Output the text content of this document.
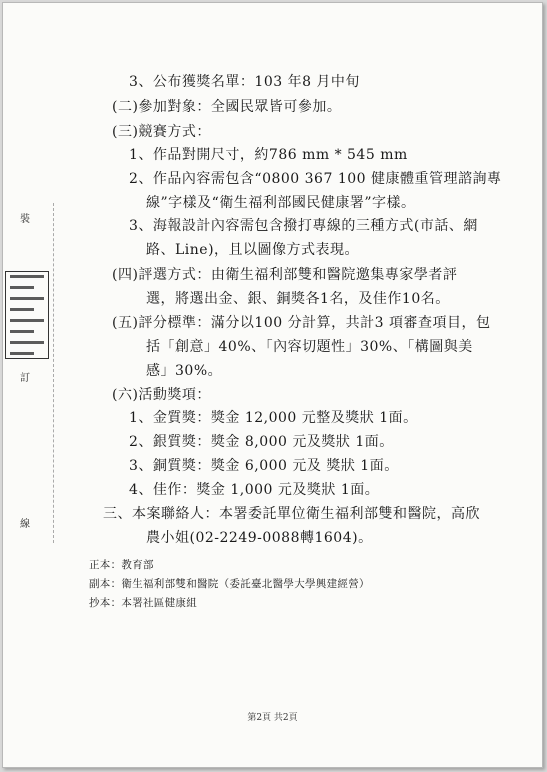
裝
訂
線
3、公布獲獎名單：103 年8 月中旬
(二)參加對象：全國民眾皆可參加。
(三)競賽方式：
1、作品對開尺寸，約786 mm * 545 mm
2、作品內容需包含“0800 367 100 健康體重管理諮詢專
線”字樣及“衛生福利部國民健康署”字樣。
3、海報設計內容需包含撥打專線的三種方式(市話、網
路、Line)，且以圖像方式表現。
(四)評選方式：由衛生福利部雙和醫院邀集專家學者評
選，將選出金、銀、銅獎各1名，及佳作10名。
(五)評分標準：滿分以100 分計算，共計3 項審查項目，包
括「創意」40%、「內容切題性」30%、「構圖與美
感」30%。
(六)活動獎項：
1、金質獎：獎金 12,000 元整及獎狀 1面。
2、銀質獎：獎金 8,000 元及獎狀 1面。
3、銅質獎：獎金 6,000 元及 獎狀 1面。
4、佳作：獎金 1,000 元及獎狀 1面。
三、本案聯絡人：本署委託單位衛生福利部雙和醫院，高欣
農小姐(02-2249-0088轉1604)。
正本：教育部
副本：衛生福利部雙和醫院（委託臺北醫學大學興建經營）
抄本：本署社區健康組
第2頁 共2頁
